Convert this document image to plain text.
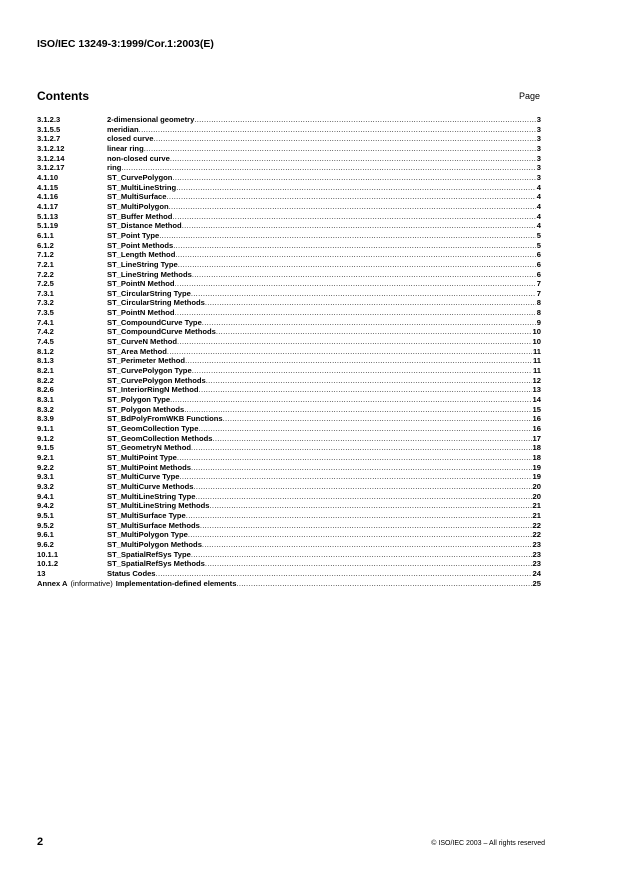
ISO/IEC 13249-3:1999/Cor.1:2003(E)
Contents	Page
3.1.2.3	2-dimensional geometry .....	3
3.1.5.5	meridian .....	3
3.1.2.7	closed curve .....	3
3.1.2.12	linear ring .....	3
3.1.2.14	non-closed curve .....	3
3.1.2.17	ring .....	3
4.1.10	ST_CurvePolygon .....	3
4.1.15	ST_MultiLineString .....	4
4.1.16	ST_MultiSurface .....	4
4.1.17	ST_MultiPolygon .....	4
5.1.13	ST_Buffer Method .....	4
5.1.19	ST_Distance Method .....	4
6.1.1	ST_Point Type .....	5
6.1.2	ST_Point Methods .....	5
7.1.2	ST_Length Method .....	6
7.2.1	ST_LineString Type .....	6
7.2.2	ST_LineString Methods .....	6
7.2.5	ST_PointN Method .....	7
7.3.1	ST_CircularString Type .....	7
7.3.2	ST_CircularString Methods .....	8
7.3.5	ST_PointN Method .....	8
7.4.1	ST_CompoundCurve Type .....	9
7.4.2	ST_CompoundCurve Methods .....	10
7.4.5	ST_CurveN Method .....	10
8.1.2	ST_Area Method .....	11
8.1.3	ST_Perimeter Method .....	11
8.2.1	ST_CurvePolygon Type .....	11
8.2.2	ST_CurvePolygon Methods .....	12
8.2.6	ST_InteriorRingN Method .....	13
8.3.1	ST_Polygon Type .....	14
8.3.2	ST_Polygon Methods .....	15
8.3.9	ST_BdPolyFromWKB Functions .....	16
9.1.1	ST_GeomCollection Type .....	16
9.1.2	ST_GeomCollection Methods .....	17
9.1.5	ST_GeometryN Method .....	18
9.2.1	ST_MultiPoint Type .....	18
9.2.2	ST_MultiPoint Methods .....	19
9.3.1	ST_MultiCurve Type .....	19
9.3.2	ST_MultiCurve Methods .....	20
9.4.1	ST_MultiLineString Type .....	20
9.4.2	ST_MultiLineString Methods .....	21
9.5.1	ST_MultiSurface Type .....	21
9.5.2	ST_MultiSurface Methods .....	22
9.6.1	ST_MultiPolygon Type .....	22
9.6.2	ST_MultiPolygon Methods .....	23
10.1.1	ST_SpatialRefSys Type .....	23
10.1.2	ST_SpatialRefSys Methods .....	23
13	Status Codes .....	24
Annex A (informative) Implementation-defined elements .....	25
2	© ISO/IEC 2003 – All rights reserved
